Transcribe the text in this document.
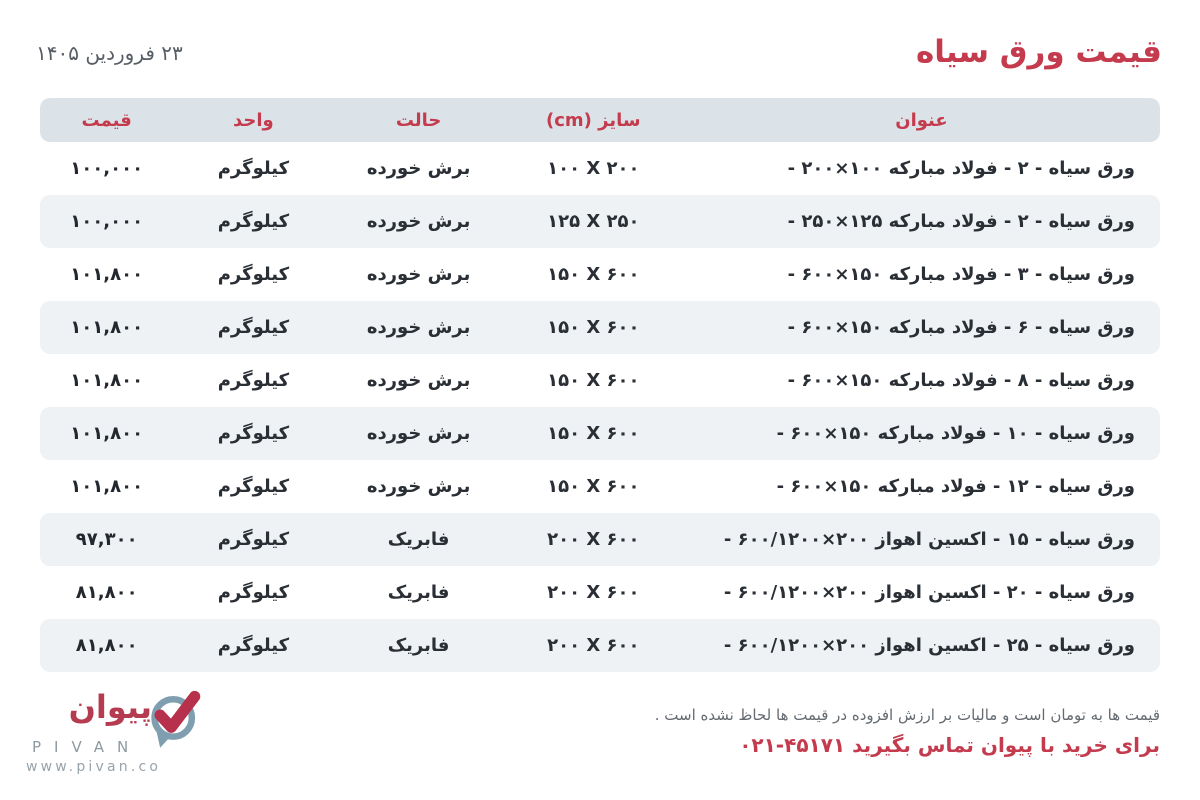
قیمت ورق سیاه
۲۳ فروردین ۱۴۰۵
عنوان
سایز (cm)
حالت
واحد
قیمت
ورق سیاه - ۲ - فولاد مبارکه ⁦۲۰۰×۱۰۰⁩ -
۱۰۰ X ۲۰۰
برش خورده
کیلوگرم
۱۰۰,۰۰۰
ورق سیاه - ۲ - فولاد مبارکه ⁦۲۵۰×۱۲۵⁩ -
۱۲۵ X ۲۵۰
برش خورده
کیلوگرم
۱۰۰,۰۰۰
ورق سیاه - ۳ - فولاد مبارکه ⁦۶۰۰×۱۵۰⁩ -
۱۵۰ X ۶۰۰
برش خورده
کیلوگرم
۱۰۱,۸۰۰
ورق سیاه - ۶ - فولاد مبارکه ⁦۶۰۰×۱۵۰⁩ -
۱۵۰ X ۶۰۰
برش خورده
کیلوگرم
۱۰۱,۸۰۰
ورق سیاه - ۸ - فولاد مبارکه ⁦۶۰۰×۱۵۰⁩ -
۱۵۰ X ۶۰۰
برش خورده
کیلوگرم
۱۰۱,۸۰۰
ورق سیاه - ۱۰ - فولاد مبارکه ⁦۶۰۰×۱۵۰⁩ -
۱۵۰ X ۶۰۰
برش خورده
کیلوگرم
۱۰۱,۸۰۰
ورق سیاه - ۱۲ - فولاد مبارکه ⁦۶۰۰×۱۵۰⁩ -
۱۵۰ X ۶۰۰
برش خورده
کیلوگرم
۱۰۱,۸۰۰
ورق سیاه - ۱۵ - اکسین اهواز ⁦۶۰۰/۱۲۰۰×۲۰۰⁩ -
۲۰۰ X ۶۰۰
فابریک
کیلوگرم
۹۷,۳۰۰
ورق سیاه - ۲۰ - اکسین اهواز ⁦۶۰۰/۱۲۰۰×۲۰۰⁩ -
۲۰۰ X ۶۰۰
فابریک
کیلوگرم
۸۱,۸۰۰
ورق سیاه - ۲۵ - اکسین اهواز ⁦۶۰۰/۱۲۰۰×۲۰۰⁩ -
۲۰۰ X ۶۰۰
فابریک
کیلوگرم
۸۱,۸۰۰
قیمت ها به تومان است و مالیات بر ارزش افزوده در قیمت ها لحاظ نشده است .
برای خرید با پیوان تماس بگیرید ۰۲۱-۴۵۱۷۱
پیوان
PIVAN
www.pivan.co
